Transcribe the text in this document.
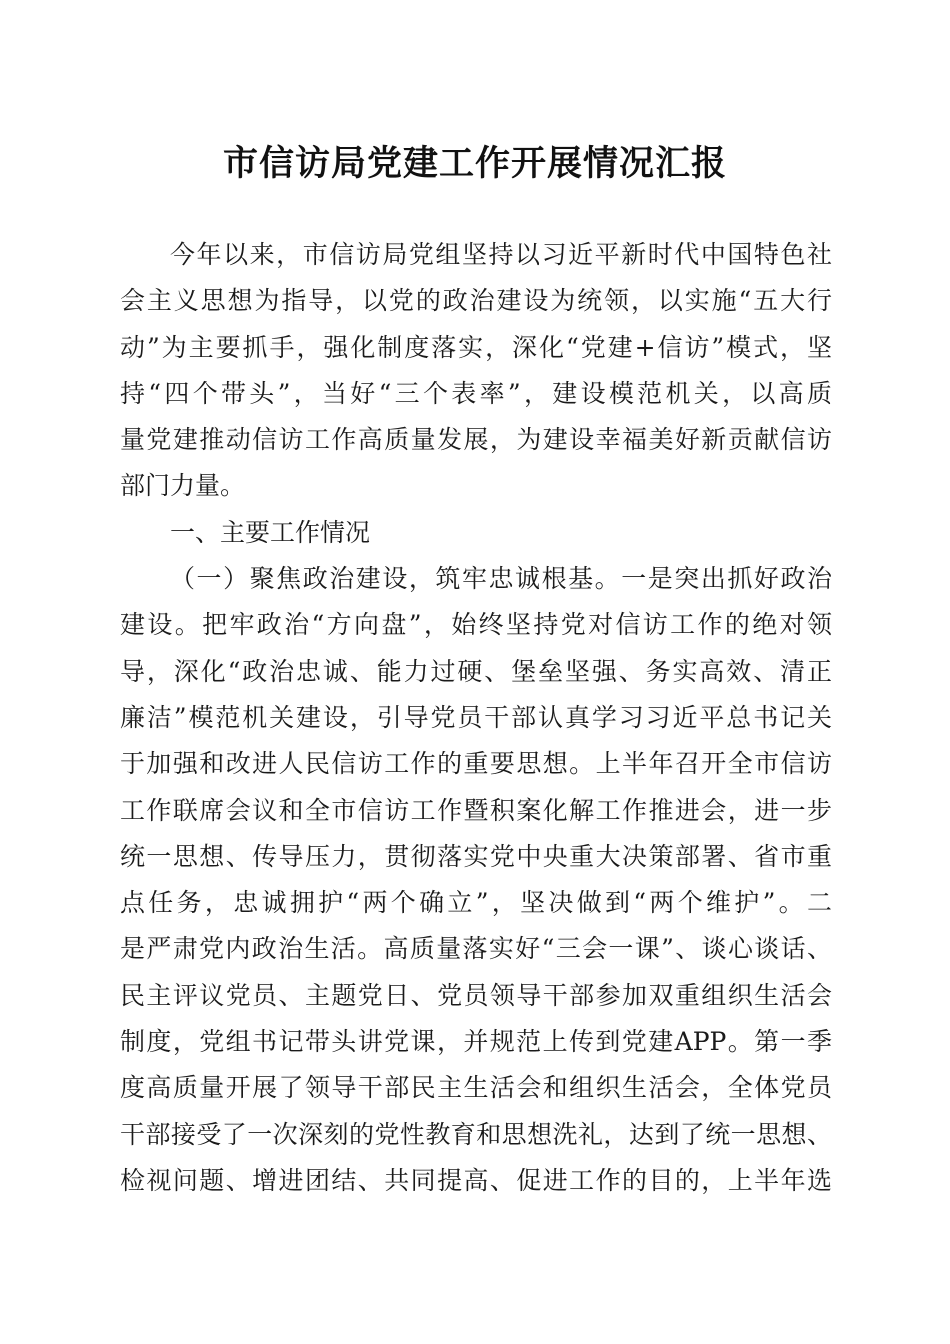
市信访局党建工作开展情况汇报
今年以来，市信访局党组坚持以习近平新时代中国特色社
会主义思想为指导，以党的政治建设为统领，以实施“五大行
动”为主要抓手，强化制度落实，深化“党建+信访”模式，坚
持“四个带头”，当好“三个表率”，建设模范机关，以高质
量党建推动信访工作高质量发展，为建设幸福美好新贡献信访
部门力量。
一、主要工作情况
（一）聚焦政治建设，筑牢忠诚根基。一是突出抓好政治
建设。把牢政治“方向盘”，始终坚持党对信访工作的绝对领
导，深化“政治忠诚、能力过硬、堡垒坚强、务实高效、清正
廉洁”模范机关建设，引导党员干部认真学习习近平总书记关
于加强和改进人民信访工作的重要思想。上半年召开全市信访
工作联席会议和全市信访工作暨积案化解工作推进会，进一步
统一思想、传导压力，贯彻落实党中央重大决策部署、省市重
点任务，忠诚拥护“两个确立”，坚决做到“两个维护”。二
是严肃党内政治生活。高质量落实好“三会一课”、谈心谈话、
民主评议党员、主题党日、党员领导干部参加双重组织生活会
制度，党组书记带头讲党课，并规范上传到党建APP。第一季
度高质量开展了领导干部民主生活会和组织生活会，全体党员
干部接受了一次深刻的党性教育和思想洗礼，达到了统一思想、
检视问题、增进团结、共同提高、促进工作的目的，上半年选
